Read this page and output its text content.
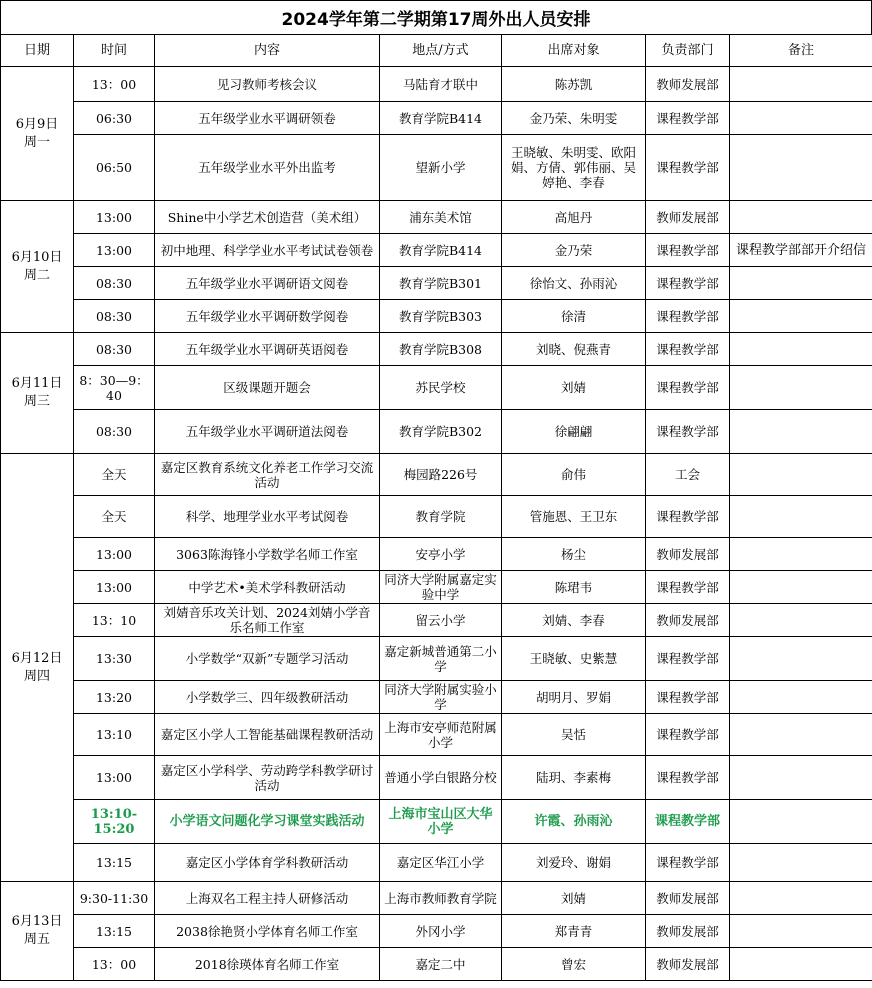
2024学年第二学期第17周外出人员安排
日期	时间	内容	地点/方式	出席对象	负责部门	备注

6月9日
周一	13：00	见习教师考核会议	马陆育才联中	陈苏凯	教师发展部	
	06:30	五年级学业水平调研领卷	教育学院B414	金乃荣、朱明雯	课程教学部	
	06:50	五年级学业水平外出监考	望新小学	王晓敏、朱明雯、欧阳娟、方倩、郭伟丽、吴婷艳、李春	课程教学部	

6月10日
周二	13:00	Shine中小学艺术创造营（美术组）	浦东美术馆	高旭丹	教师发展部	
	13:00	初中地理、科学学业水平考试试卷领卷	教育学院B414	金乃荣	课程教学部	课程教学部部开介绍信
	08:30	五年级学业水平调研语文阅卷	教育学院B301	徐怡文、孙雨沁	课程教学部	
	08:30	五年级学业水平调研数学阅卷	教育学院B303	徐清	课程教学部	

6月11日
周三	08:30	五年级学业水平调研英语阅卷	教育学院B308	刘晓、倪燕青	课程教学部	
	8：30—9：40	区级课题开题会	苏民学校	刘婧	课程教学部	
	08:30	五年级学业水平调研道法阅卷	教育学院B302	徐翩翩	课程教学部	

6月12日
周四	全天	嘉定区教育系统文化养老工作学习交流活动	梅园路226号	俞伟	工会	
	全天	科学、地理学业水平考试阅卷	教育学院	管施恩、王卫东	课程教学部	
	13:00	3063陈海锋小学数学名师工作室	安亭小学	杨尘	教师发展部	
	13:00	中学艺术•美术学科教研活动	同济大学附属嘉定实验中学	陈珺韦	课程教学部	
	13：10	刘婧音乐攻关计划、2024刘婧小学音乐名师工作室	留云小学	刘婧、李春	教师发展部	
	13:30	小学数学“双新”专题学习活动	嘉定新城普通第二小学	王晓敏、史紫慧	课程教学部	
	13:20	小学数学三、四年级教研活动	同济大学附属实验小学	胡明月、罗娟	课程教学部	
	13:10	嘉定区小学人工智能基础课程教研活动	上海市安亭师范附属小学	吴恬	课程教学部	
	13:00	嘉定区小学科学、劳动跨学科教学研讨活动	普通小学白银路分校	陆玥、李素梅	课程教学部	
	13:10-15:20	小学语文问题化学习课堂实践活动	上海市宝山区大华小学	许霞、孙雨沁	课程教学部	
	13:15	嘉定区小学体育学科教研活动	嘉定区华江小学	刘爱玲、谢娟	课程教学部	

6月13日
周五	9:30-11:30	上海双名工程主持人研修活动	上海市教师教育学院	刘婧	教师发展部	
	13:15	2038徐艳贤小学体育名师工作室	外冈小学	郑青青	教师发展部	
	13：00	2018徐瑛体育名师工作室	嘉定二中	曾宏	教师发展部	
